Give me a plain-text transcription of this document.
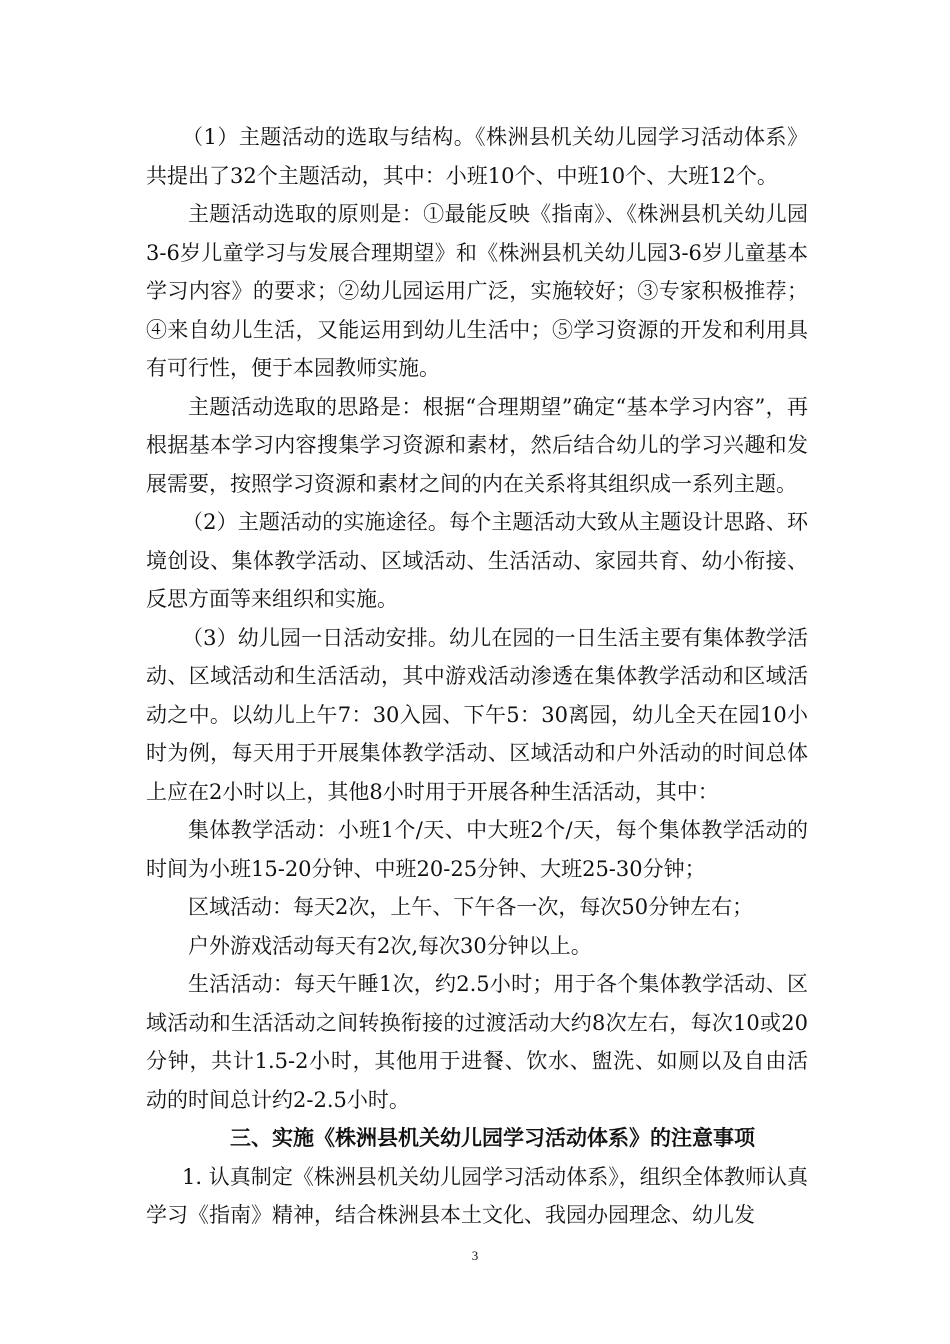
（1）主题活动的选取与结构。《株洲县机关幼儿园学习活动体系》共提出了32个主题活动，其中：小班10个、中班10个、大班12个。

主题活动选取的原则是：①最能反映《指南》、《株洲县机关幼儿园3-6岁儿童学习与发展合理期望》和《株洲县机关幼儿园3-6岁儿童基本学习内容》的要求；②幼儿园运用广泛，实施较好；③专家积极推荐；④来自幼儿生活，又能运用到幼儿生活中；⑤学习资源的开发和利用具有可行性，便于本园教师实施。

主题活动选取的思路是：根据“合理期望”确定“基本学习内容”，再根据基本学习内容搜集学习资源和素材，然后结合幼儿的学习兴趣和发展需要，按照学习资源和素材之间的内在关系将其组织成一系列主题。

（2）主题活动的实施途径。每个主题活动大致从主题设计思路、环境创设、集体教学活动、区域活动、生活活动、家园共育、幼小衔接、反思方面等来组织和实施。

（3）幼儿园一日活动安排。幼儿在园的一日生活主要有集体教学活动、区域活动和生活活动，其中游戏活动渗透在集体教学活动和区域活动之中。以幼儿上午7：30入园、下午5：30离园，幼儿全天在园10小时为例，每天用于开展集体教学活动、区域活动和户外活动的时间总体上应在2小时以上，其他8小时用于开展各种生活活动，其中：

集体教学活动：小班1个/天、中大班2个/天，每个集体教学活动的时间为小班15-20分钟、中班20-25分钟、大班25-30分钟；

区域活动：每天2次，上午、下午各一次，每次50分钟左右；

户外游戏活动每天有2次,每次30分钟以上。

生活活动：每天午睡1次，约2.5小时；用于各个集体教学活动、区域活动和生活活动之间转换衔接的过渡活动大约8次左右，每次10或20分钟，共计1.5-2小时，其他用于进餐、饮水、盥洗、如厕以及自由活动的时间总计约2-2.5小时。

三、实施《株洲县机关幼儿园学习活动体系》的注意事项

1. 认真制定《株洲县机关幼儿园学习活动体系》，组织全体教师认真学习《指南》精神，结合株洲县本土文化、我园办园理念、幼儿发

3
